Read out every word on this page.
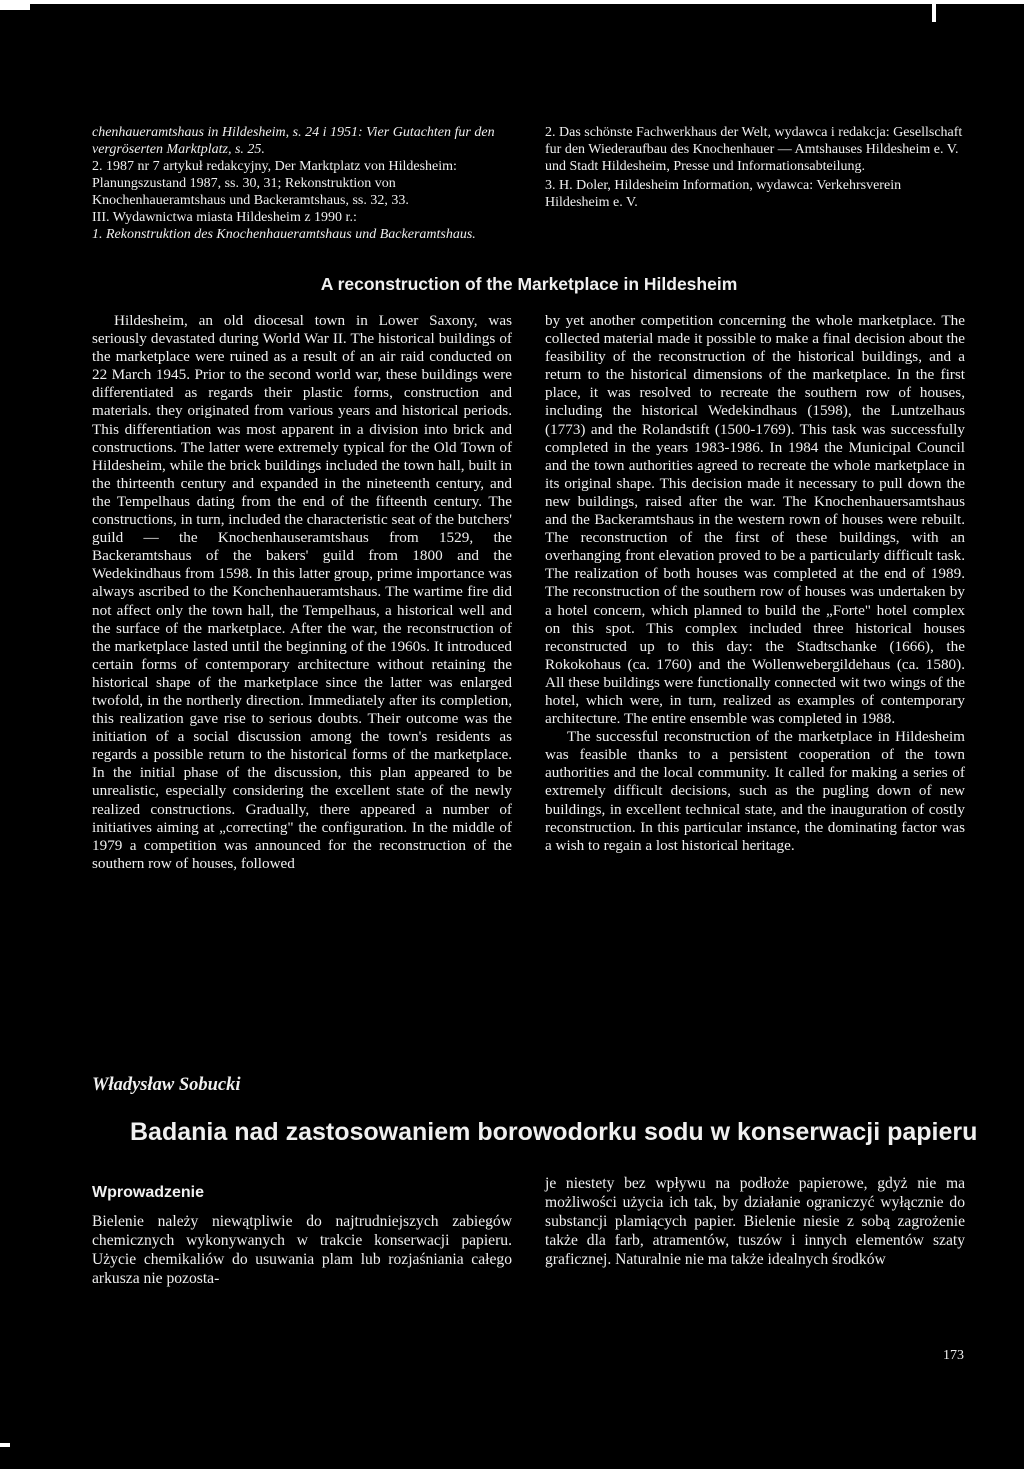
chenhaueramtshaus in Hildesheim, s. 24 i 1951: Vier Gutachten fur den vergröserten Marktplatz, s. 25.

2. 1987 nr 7 artykuł redakcyjny, Der Marktplatz von Hildesheim: Planungszustand 1987, ss. 30, 31; Rekonstruktion von Knochenhaueramtshaus und Backeramtshaus, ss. 32, 33.

III. Wydawnictwa miasta Hildesheim z 1990 r.:

1. Rekonstruktion des Knochenhaueramtshaus und Backeramtshaus.

2. Das schönste Fachwerkhaus der Welt, wydawca i redakcja: Gesellschaft fur den Wiederaufbau des Knochenhauer — Amtshauses Hildesheim e. V. und Stadt Hildesheim, Presse und Informationsabteilung.

3. H. Doler, Hildesheim Information, wydawca: Verkehrsverein Hildesheim e. V.

A reconstruction of the Marketplace in Hildesheim

Hildesheim, an old diocesal town in Lower Saxony, was seriously devastated during World War II. The historical buildings of the marketplace were ruined as a result of an air raid conducted on 22 March 1945. Prior to the second world war, these buildings were differentiated as regards their plastic forms, construction and materials. they originated from various years and historical periods. This differentiation was most apparent in a division into brick and constructions. The latter were extremely typical for the Old Town of Hildesheim, while the brick buildings included the town hall, built in the thirteenth century and expanded in the nineteenth century, and the Tempelhaus dating from the end of the fifteenth century. The constructions, in turn, included the characteristic seat of the butchers' guild — the Knochenhauseramtshaus from 1529, the Backeramtshaus of the bakers' guild from 1800 and the Wedekindhaus from 1598. In this latter group, prime importance was always ascribed to the Konchenhaueramtshaus. The wartime fire did not affect only the town hall, the Tempelhaus, a historical well and the surface of the marketplace. After the war, the reconstruction of the marketplace lasted until the beginning of the 1960s. It introduced certain forms of contemporary architecture without retaining the historical shape of the marketplace since the latter was enlarged twofold, in the northerly direction. Immediately after its completion, this realization gave rise to serious doubts. Their outcome was the initiation of a social discussion among the town's residents as regards a possible return to the historical forms of the marketplace. In the initial phase of the discussion, this plan appeared to be unrealistic, especially considering the excellent state of the newly realized constructions. Gradually, there appeared a number of initiatives aiming at „correcting" the configuration. In the middle of 1979 a competition was announced for the reconstruction of the southern row of houses, followed

by yet another competition concerning the whole marketplace. The collected material made it possible to make a final decision about the feasibility of the reconstruction of the historical buildings, and a return to the historical dimensions of the marketplace. In the first place, it was resolved to recreate the southern row of houses, including the historical Wedekindhaus (1598), the Luntzelhaus (1773) and the Rolandstift (1500-1769). This task was successfully completed in the years 1983-1986. In 1984 the Municipal Council and the town authorities agreed to recreate the whole marketplace in its original shape. This decision made it necessary to pull down the new buildings, raised after the war. The Knochenhauersamtshaus and the Backeramtshaus in the western rown of houses were rebuilt. The reconstruction of the first of these buildings, with an overhanging front elevation proved to be a particularly difficult task. The realization of both houses was completed at the end of 1989. The reconstruction of the southern row of houses was undertaken by a hotel concern, which planned to build the „Forte" hotel complex on this spot. This complex included three historical houses reconstructed up to this day: the Stadtschanke (1666), the Rokokohaus (ca. 1760) and the Wollenwebergildehaus (ca. 1580). All these buildings were functionally connected wit two wings of the hotel, which were, in turn, realized as examples of contemporary architecture. The entire ensemble was completed in 1988.

The successful reconstruction of the marketplace in Hildesheim was feasible thanks to a persistent cooperation of the town authorities and the local community. It called for making a series of extremely difficult decisions, such as the pugling down of new buildings, in excellent technical state, and the inauguration of costly reconstruction. In this particular instance, the dominating factor was a wish to regain a lost historical heritage.

Władysław Sobucki
Badania nad zastosowaniem borowodorku sodu w konserwacji papieru
Wprowadzenie

Bielenie należy niewątpliwie do najtrudniejszych zabiegów chemicznych wykonywanych w trakcie konserwacji papieru. Użycie chemikaliów do usuwania plam lub rozjaśniania całego arkusza nie pozosta-

je niestety bez wpływu na podłoże papierowe, gdyż nie ma możliwości użycia ich tak, by działanie ograniczyć wyłącznie do substancji plamiących papier. Bielenie niesie z sobą zagrożenie także dla farb, atramentów, tuszów i innych elementów szaty graficznej. Naturalnie nie ma także idealnych środków

173
